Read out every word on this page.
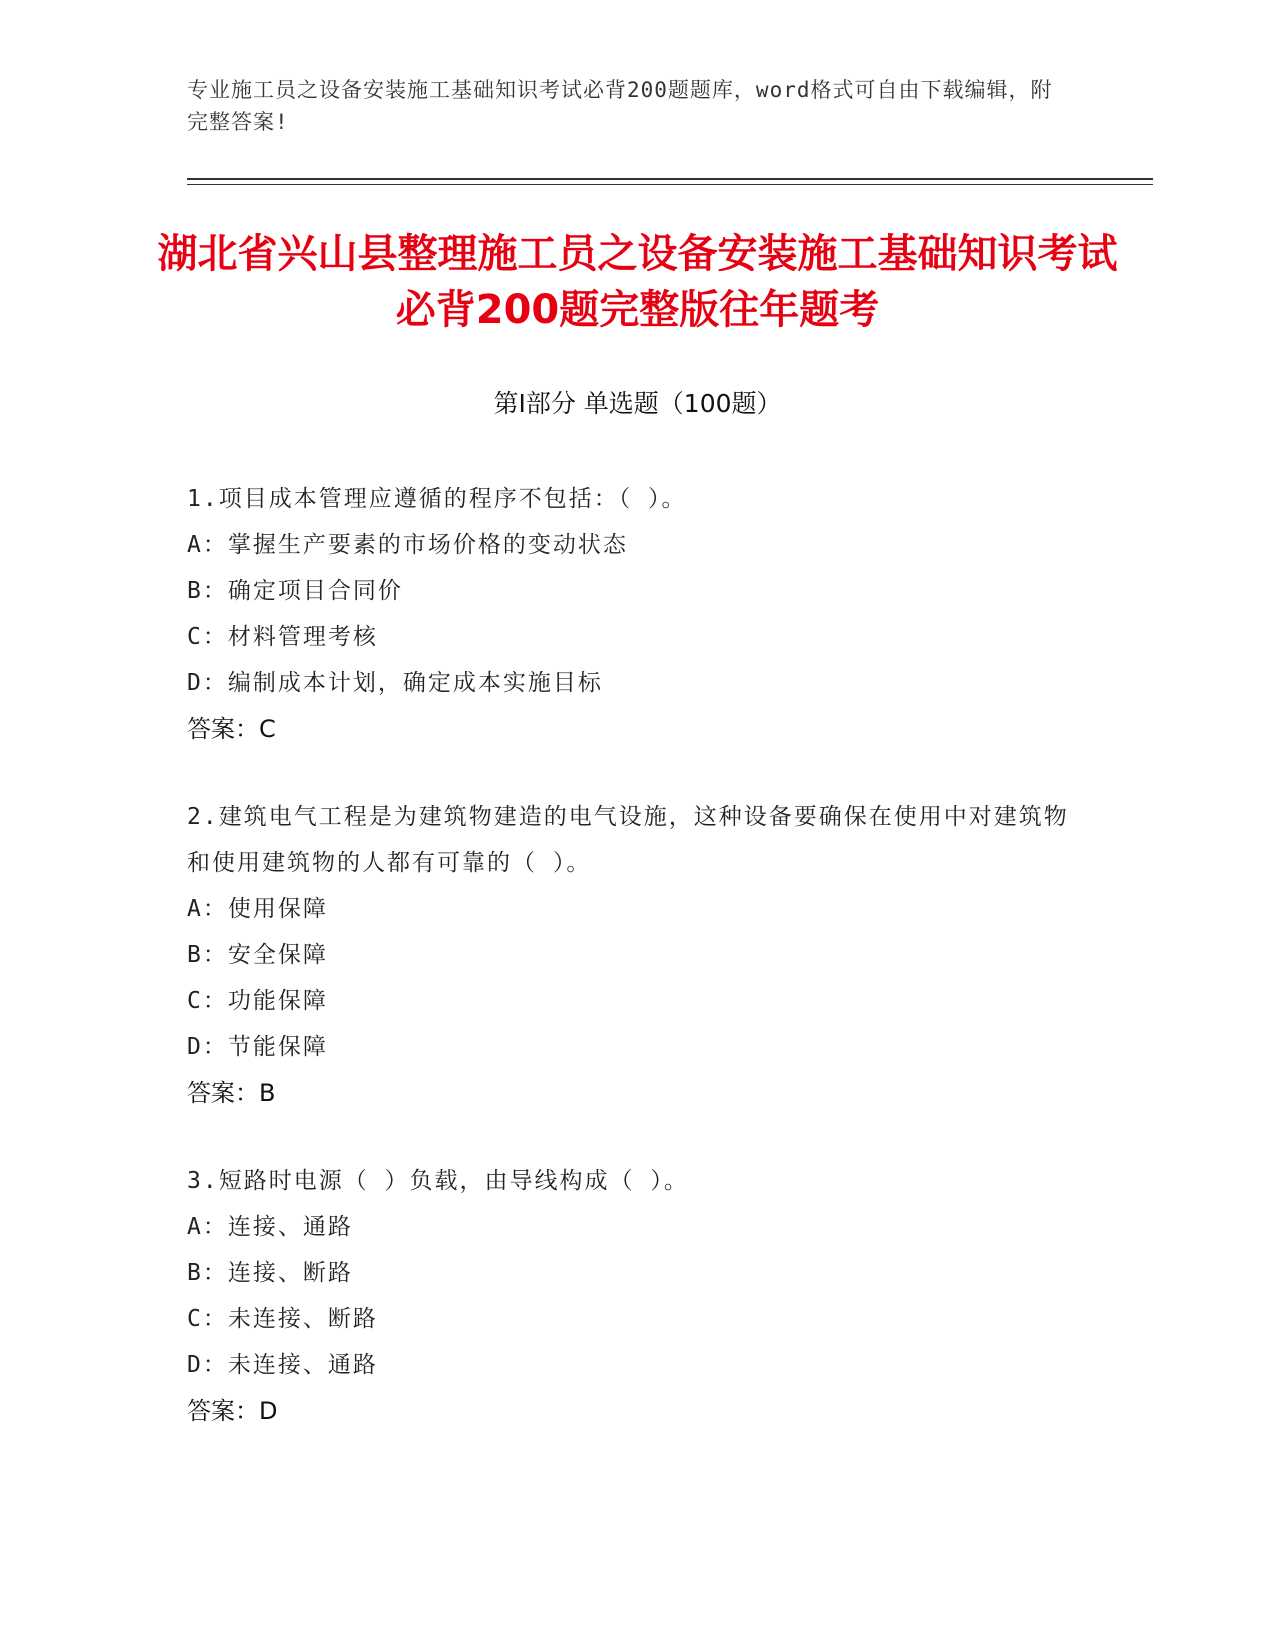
专业施工员之设备安装施工基础知识考试必背200题题库，word格式可自由下载编辑，附完整答案!
湖北省兴山县整理施工员之设备安装施工基础知识考试必背200题完整版往年题考
第Ⅰ部分 单选题（100题）
1.项目成本管理应遵循的程序不包括：（ ）。
A：掌握生产要素的市场价格的变动状态
B：确定项目合同价
C：材料管理考核
D：编制成本计划，确定成本实施目标
答案：C
2.建筑电气工程是为建筑物建造的电气设施，这种设备要确保在使用中对建筑物和使用建筑物的人都有可靠的（ ）。
A：使用保障
B：安全保障
C：功能保障
D：节能保障
答案：B
3.短路时电源（ ）负载，由导线构成（ ）。
A：连接、通路
B：连接、断路
C：未连接、断路
D：未连接、通路
答案：D
